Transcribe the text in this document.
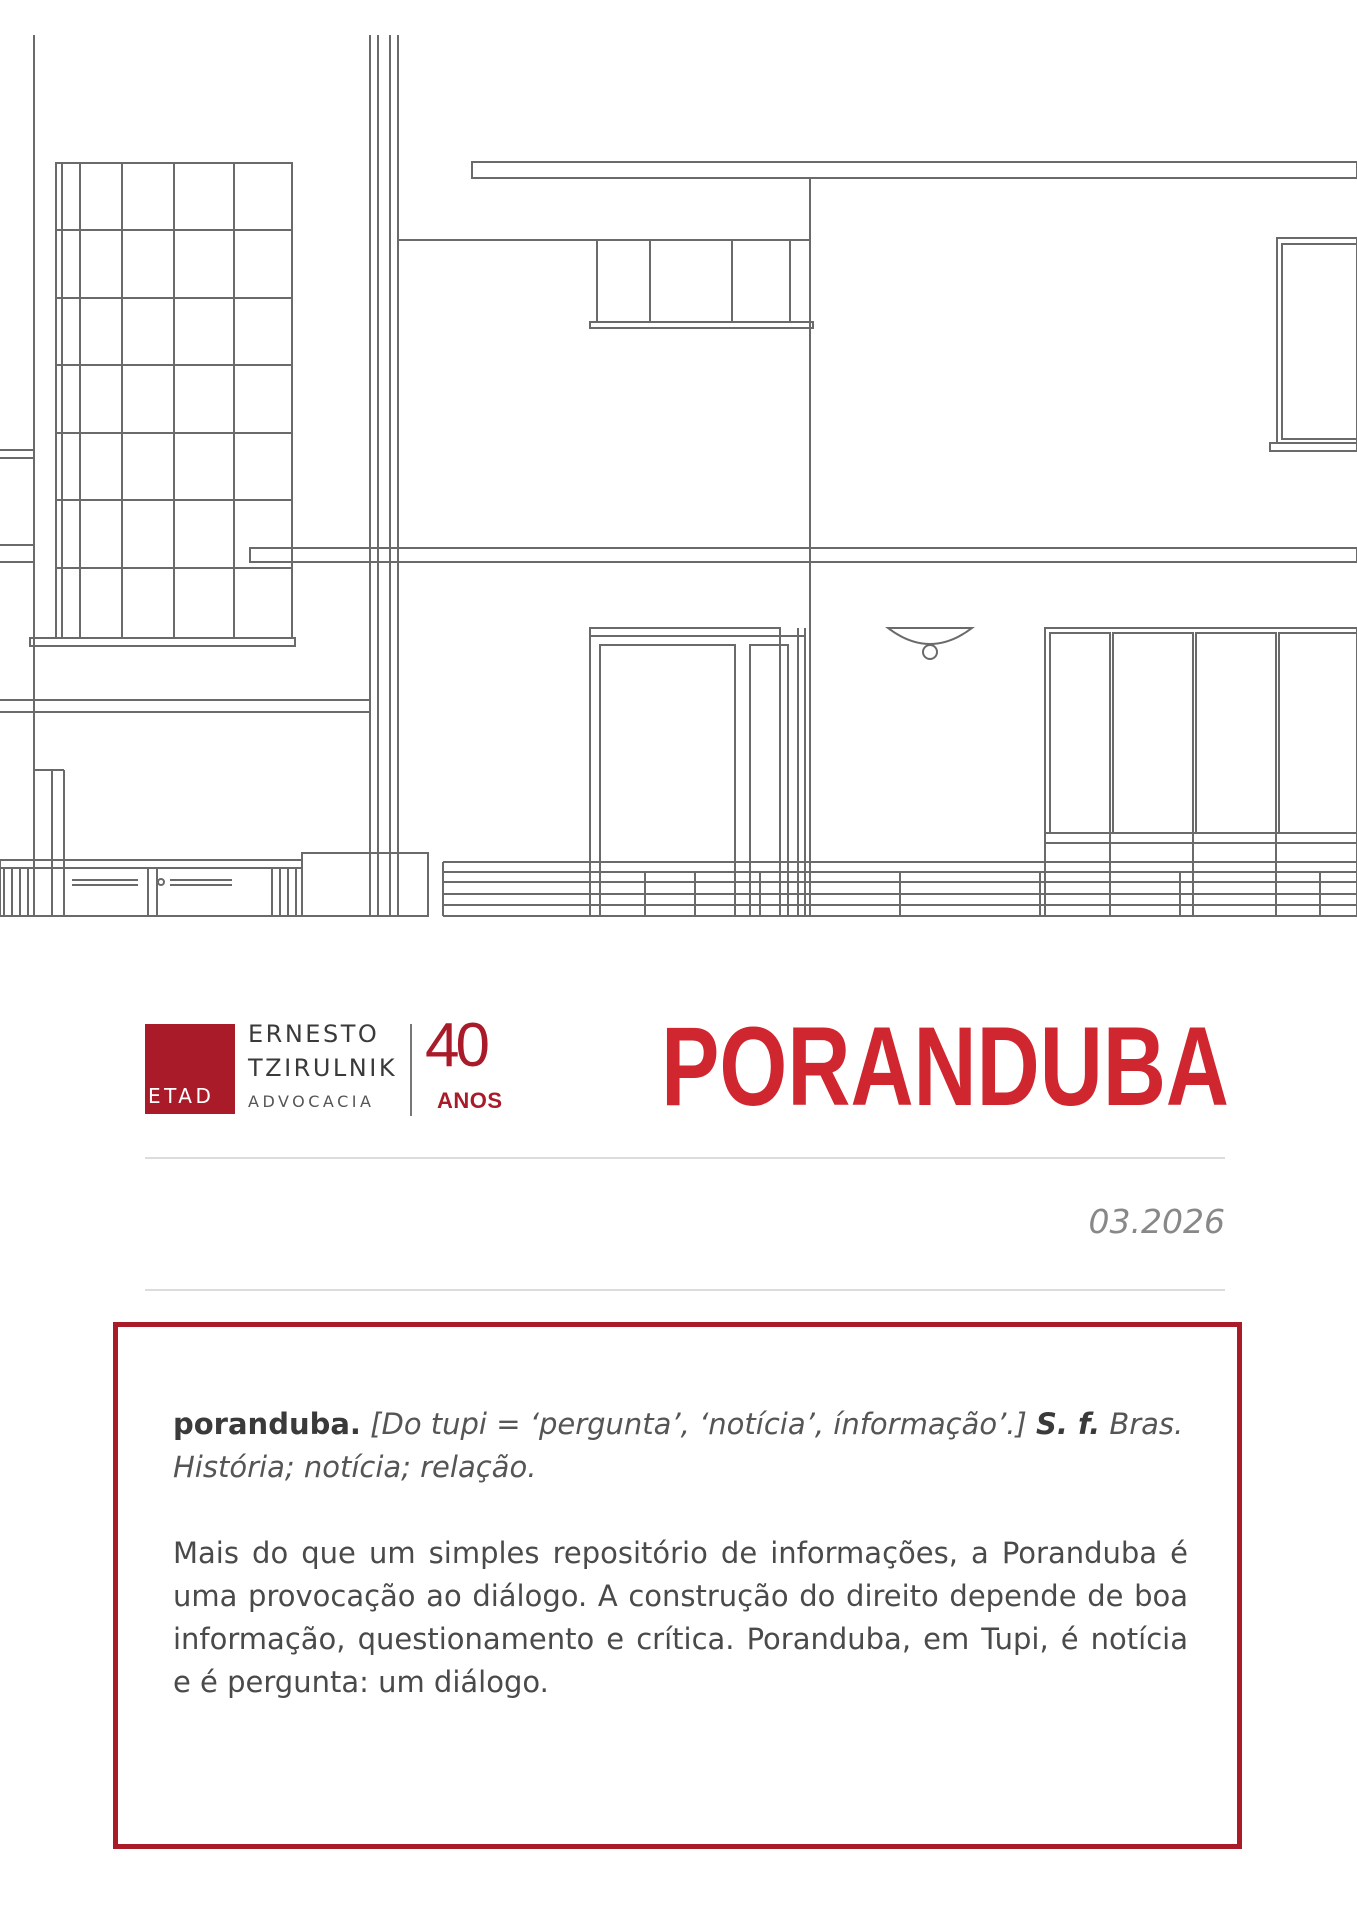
ETAD
ERNESTO
TZIRULNIK
ADVOCACIA
40
ANOS PORANDUBA
03.2026

poranduba. [Do tupi = ‘pergunta’, ‘notícia’, ínformação’.] S. f. Bras. História; notícia; relação.

Mais do que um simples repositório de informações, a Poranduba é uma provocação ao diálogo. A construção do direito depende de boa informação, questionamento e crítica. Poranduba, em Tupi, é notícia e é pergunta: um diálogo.
